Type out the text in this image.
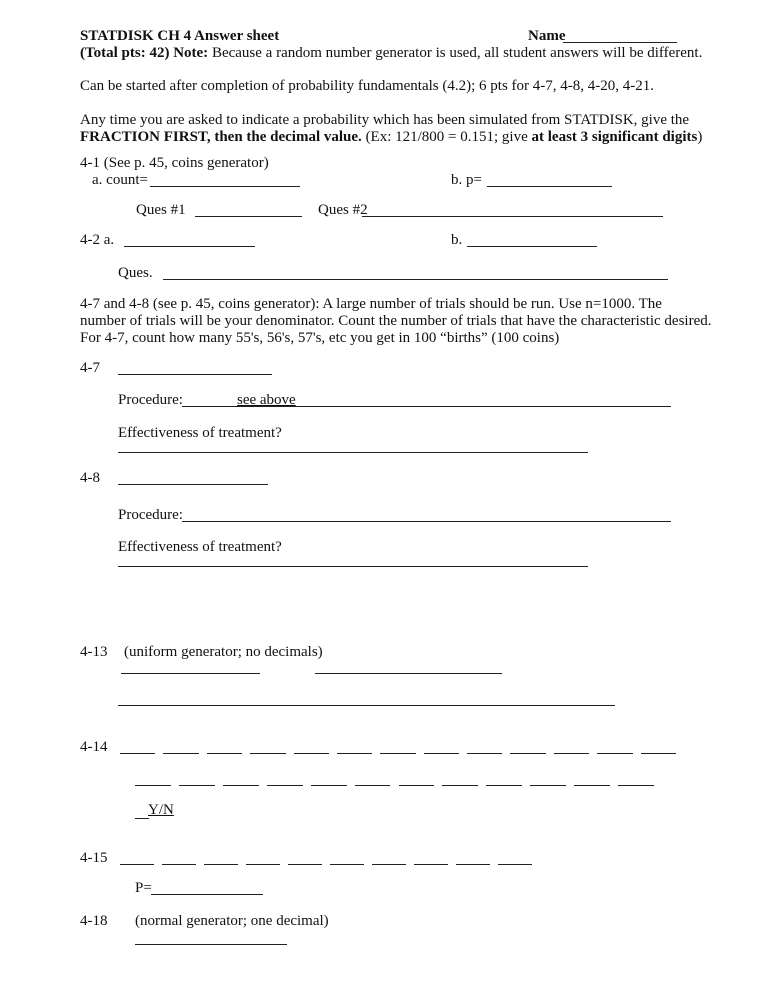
STATDISK CH 4 Answer sheet	Name
(Total pts: 42) Note: Because a random number generator is used, all student answers will be different.
Can be started after completion of probability fundamentals (4.2); 6 pts for 4-7, 4-8, 4-20, 4-21.
Any time you are asked to indicate a probability which has been simulated from STATDISK, give the
FRACTION FIRST, then the decimal value. (Ex: 121/800 = 0.151; give at least 3 significant digits)
4-1 (See p. 45, coins generator)
a. count=	b. p=
Ques #1	Ques #2
4-2 a.	b.
Ques.
4-7 and 4-8 (see p. 45, coins generator): A large number of trials should be run. Use n=1000. The
number of trials will be your denominator. Count the number of trials that have the characteristic desired.
For 4-7, count how many 55's, 56's, 57's, etc you get in 100 “births” (100 coins)
4-7
Procedure:	see above
Effectiveness of treatment?
4-8
Procedure:
Effectiveness of treatment?
4-13 (uniform generator; no decimals)
4-14
Y/N
4-15
P=
4-18 (normal generator; one decimal)
